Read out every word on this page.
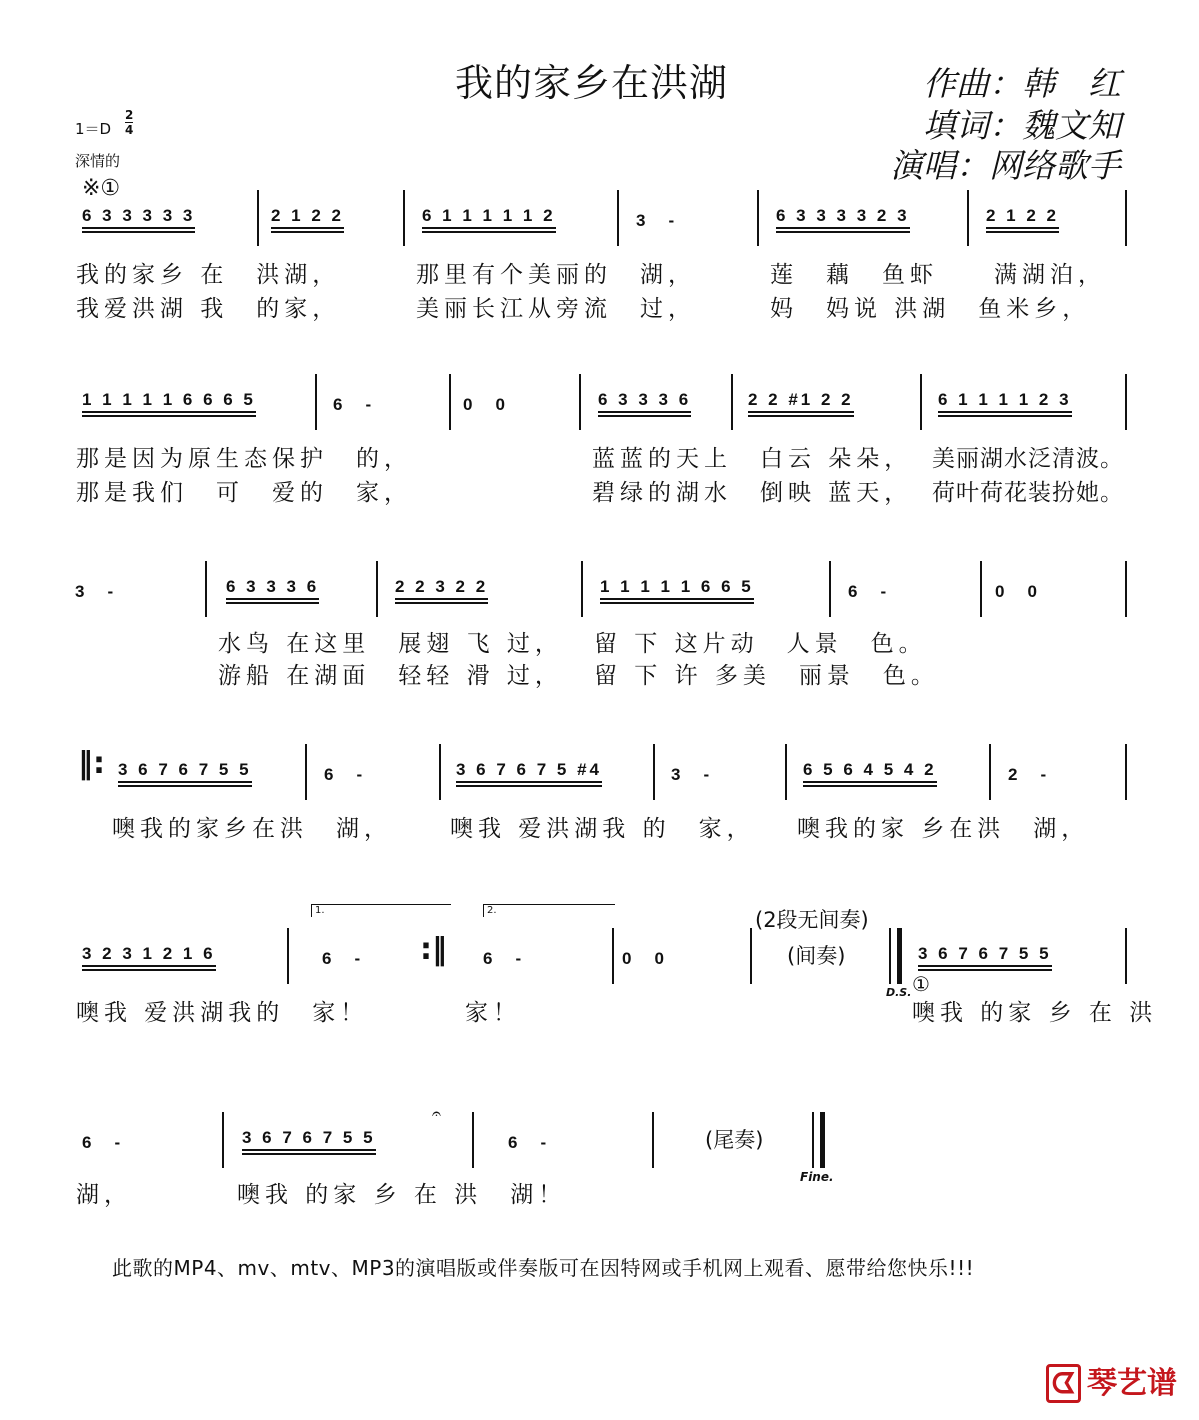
我的家乡在洪湖	作曲：韩　红
填词：魏文知
演唱：网络歌手
1＝D
2
4
深情的
※①
6 3 3 3 3 3	2 1 2 2	6 1 1 1 1 1 2	3　-	6 3 3 3 3 2 3	2 1 2 2
我的家乡 在　洪湖，	那里有个美丽的　湖，	莲　藕　鱼虾　　满湖泊，
我爱洪湖 我　的家，	美丽长江从旁流　过，	妈　妈说 洪湖　鱼米乡，
1 1 1 1 1 6 6 6 5	6　-	0　0	6 3 3 3 6	2 2 #1 2 2	6 1 1 1 1 2 3
那是因为原生态保护　的，	蓝蓝的天上　白云 朵朵， 美丽湖水泛清波。
那是我们　可　爱的　家，	碧绿的湖水　倒映 蓝天， 荷叶荷花装扮她。
3　-	6 3 3 3 6	2 2 3 2 2	1 1 1 1 1 6 6 5	6　-	0　0
水鸟 在这里　展翅 飞 过， 留 下 这片动　人景　色。
游船 在湖面　轻轻 滑 过， 留 下 许 多美　丽景　色。
‖: 3 6 7 6 7 5 5	6　-	3 6 7 6 7 5 #4	3　-	6 5 6 4 5 4 2	2　-
噢我的家乡在洪　湖，	噢我 爱洪湖我 的　家， 噢我的家 乡在洪　湖，
1.	2.	(2段无间奏)
3 2 3 1 2 1 6	6　- :‖ 6　-	0　0	(间奏)	3 6 7 6 7 5 5
D.S. ①
噢我 爱洪湖我的　家！	家！	噢我 的家 乡 在 洪
6　-	3 6 7 6 7 5 5
𝄐
6　-	(尾奏)
Fine.
湖，	噢我 的家 乡 在 洪　湖！
此歌的MP4、mv、mtv、MP3的演唱版或伴奏版可在因特网或手机网上观看、愿带给您快乐!!!
ᗧ 琴艺谱
